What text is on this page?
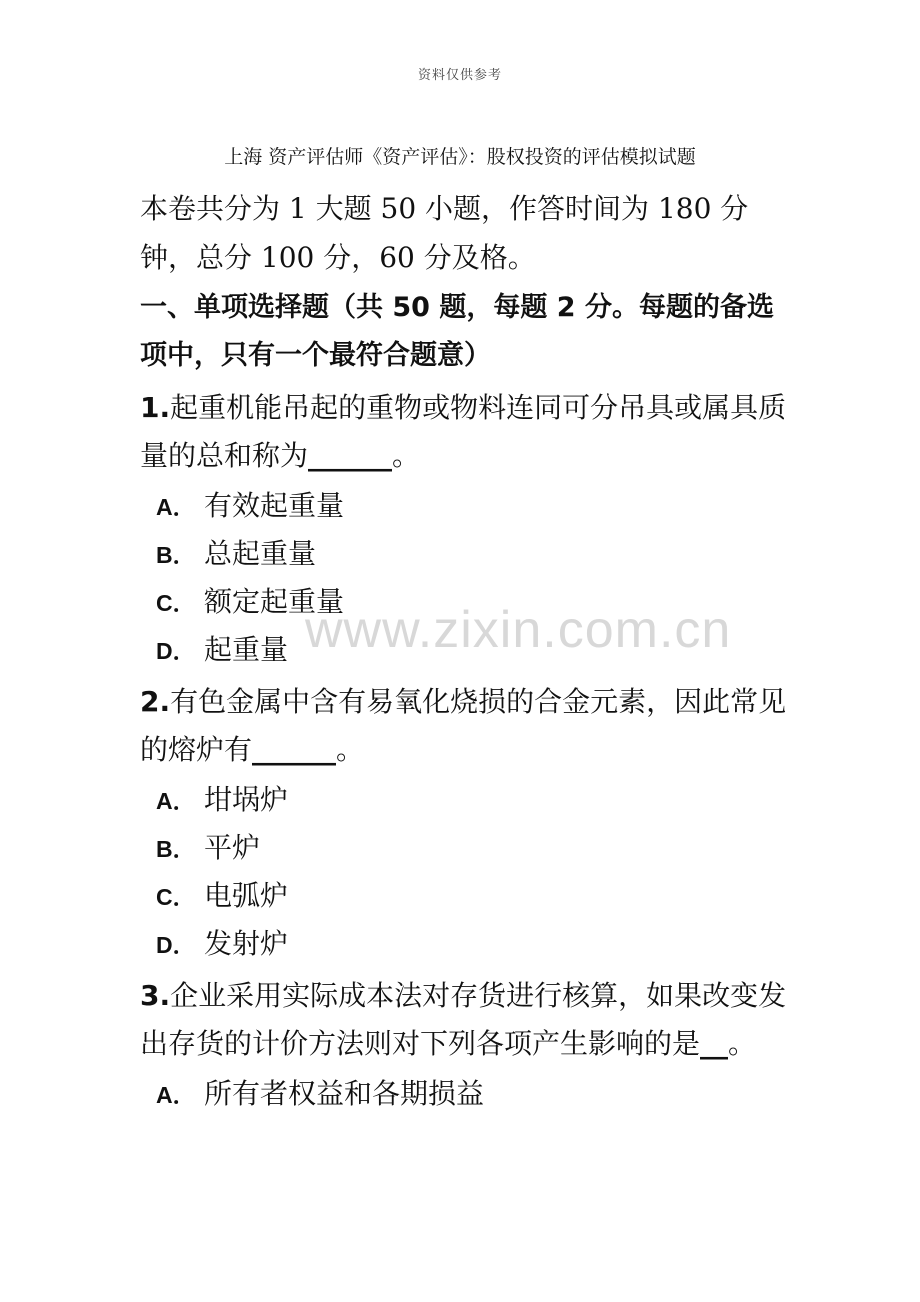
资料仅供参考
上海 资产评估师《资产评估》：股权投资的评估模拟试题

本卷共分为 1 大题 50 小题，作答时间为 180 分钟，总分 100 分，60 分及格。

一、单项选择题（共 50 题，每题 2 分。每题的备选项中，只有一个最符合题意）

1.起重机能吊起的重物或物料连同可分吊具或属具质量的总和称为______。

A． 有效起重量
B． 总起重量
C． 额定起重量
D． 起重量

2.有色金属中含有易氧化烧损的合金元素，因此常见的熔炉有______。

A． 坩埚炉
B． 平炉
C． 电弧炉
D． 发射炉

3.企业采用实际成本法对存货进行核算，如果改变发出存货的计价方法则对下列各项产生影响的是__。

A． 所有者权益和各期损益
www.zixin.com.cn
